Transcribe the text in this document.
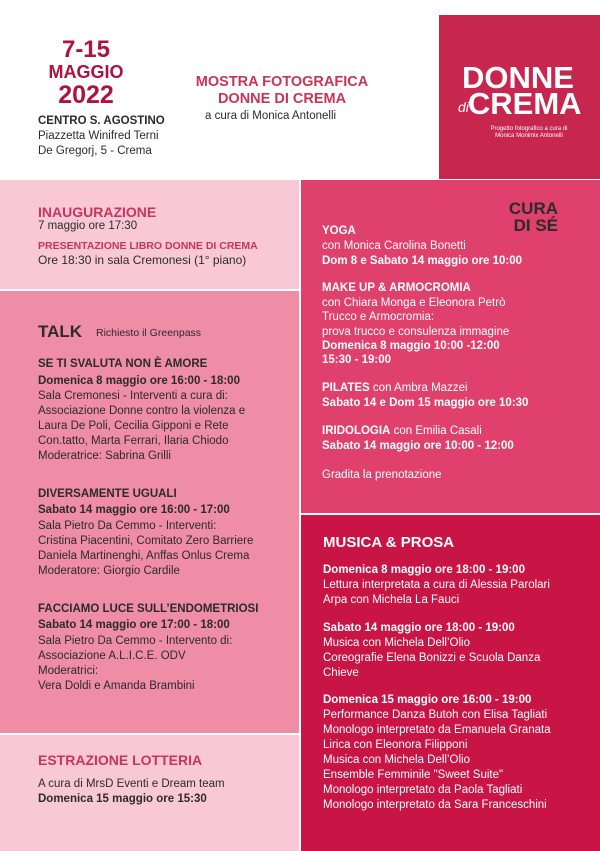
7-15
MAGGIO
2022
CENTRO S. AGOSTINO
Piazzetta Winifred Terni
De Gregorj, 5 - Crema
MOSTRA FOTOGRAFICA
DONNE DI CREMA
a cura di Monica Antonelli
DONNE
diCREMA
Progetto fotografico a cura di
Monica Monimix Antonelli
INAUGURAZIONE
7 maggio ore 17:30
PRESENTAZIONE LIBRO DONNE DI CREMA
Ore 18:30 in sala Cremonesi (1° piano)
TALK Richiesto il Greenpass
SE TI SVALUTA NON È AMORE
Domenica 8 maggio ore 16:00 - 18:00
Sala Cremonesi - Interventi a cura di:
Associazione Donne contro la violenza e
Laura De Poli, Cecilia Gipponi e Rete
Con.tatto, Marta Ferrari, Ilaria Chiodo
Moderatrice: Sabrina Grilli
DIVERSAMENTE UGUALI
Sabato 14 maggio ore 16:00 - 17:00
Sala Pietro Da Cemmo - Interventi:
Cristina Piacentini, Comitato Zero Barriere
Daniela Martinenghi, Anffas Onlus Crema
Moderatore: Giorgio Cardile
FACCIAMO LUCE SULL’ENDOMETRIOSI
Sabato 14 maggio ore 17:00 - 18:00
Sala Pietro Da Cemmo - Intervento di:
Associazione A.L.I.C.E. ODV
Moderatrici:
Vera Doldi e Amanda Brambini
ESTRAZIONE LOTTERIA
A cura di MrsD Eventi e Dream team
Domenica 15 maggio ore 15:30
CURA
DI SÉ
YOGA
con Monica Carolina Bonetti
Dom 8 e Sabato 14 maggio ore 10:00
MAKE UP & ARMOCROMIA
con Chiara Monga e Eleonora Petrò
Trucco e Armocromia:
prova trucco e consulenza immagine
Domenica 8 maggio 10:00 -12:00
15:30 - 19:00
PILATES con Ambra Mazzei
Sabato 14 e Dom 15 maggio ore 10:30
IRIDOLOGIA con Emilia Casali
Sabato 14 maggio ore 10:00 - 12:00
Gradita la prenotazione
MUSICA & PROSA
Domenica 8 maggio ore 18:00 - 19:00
Lettura interpretata a cura di Alessia Parolari
Arpa con Michela La Fauci
Sabato 14 maggio ore 18:00 - 19:00
Musica con Michela Dell’Olio
Coreografie Elena Bonizzi e Scuola Danza
Chieve
Domenica 15 maggio ore 16:00 - 19:00
Performance Danza Butoh con Elisa Tagliati
Monologo interpretato da Emanuela Granata
Lirica con Eleonora Filipponi
Musica con Michela Dell’Olio
Ensemble Femminile "Sweet Suite"
Monologo interpretato da Paola Tagliati
Monologo interpretato da Sara Franceschini
